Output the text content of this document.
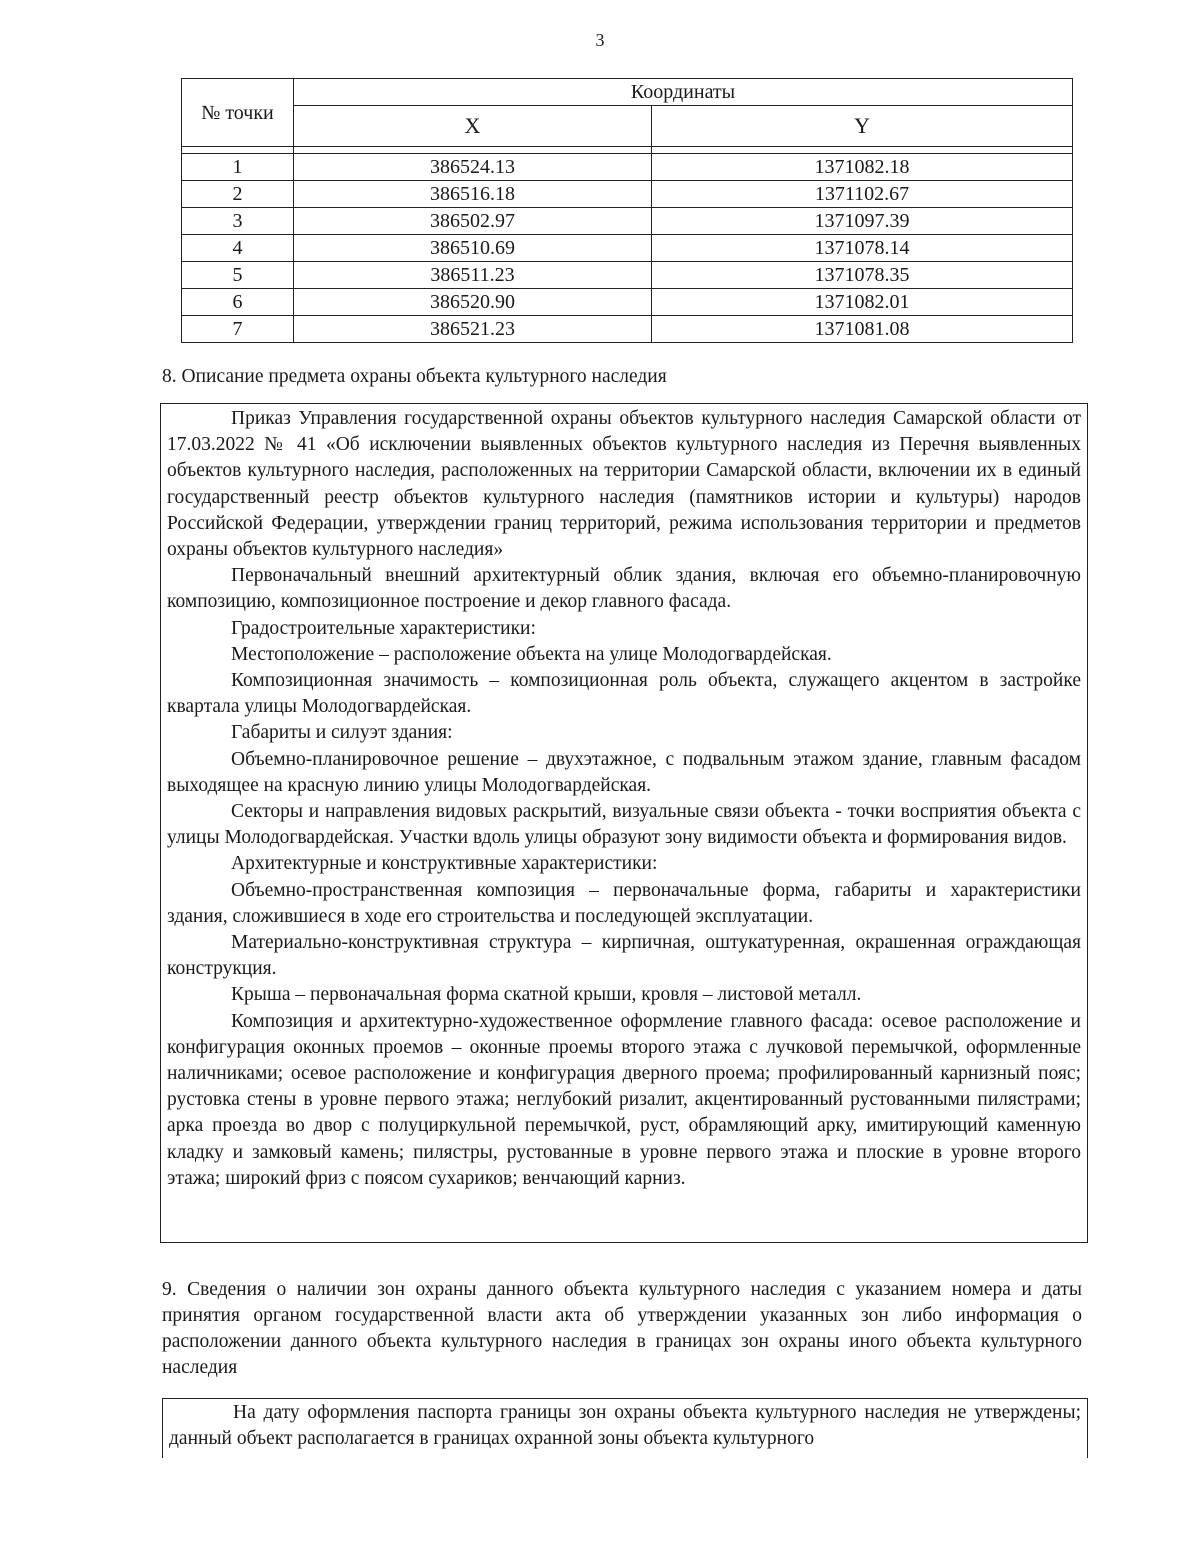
3
№ точки	Координаты	
	X	Y

1	386524.13	1371082.18
2	386516.18	1371102.67
3	386502.97	1371097.39
4	386510.69	1371078.14
5	386511.23	1371078.35
6	386520.90	1371082.01
7	386521.23	1371081.08

8. Описание предмета охраны объекта культурного наследия

Приказ Управления государственной охраны объектов культурного наследия Самарской области от 17.03.2022 № 41 «Об исключении выявленных объектов культурного наследия из Перечня выявленных объектов культурного наследия, расположенных на территории Самарской области, включении их в единый государственный реестр объектов культурного наследия (памятников истории и культуры) народов Российской Федерации, утверждении границ территорий, режима использования территории и предметов охраны объектов культурного наследия»

Первоначальный внешний архитектурный облик здания, включая его объемно-планировочную композицию, композиционное построение и декор главного фасада.

Градостроительные характеристики:

Местоположение – расположение объекта на улице Молодогвардейская.

Композиционная значимость – композиционная роль объекта, служащего акцентом в застройке квартала улицы Молодогвардейская.

Габариты и силуэт здания:

Объемно-планировочное решение – двухэтажное, с подвальным этажом здание, главным фасадом выходящее на красную линию улицы Молодогвардейская.

Секторы и направления видовых раскрытий, визуальные связи объекта - точки восприятия объекта с улицы Молодогвардейская. Участки вдоль улицы образуют зону видимости объекта и формирования видов.

Архитектурные и конструктивные характеристики:

Объемно-пространственная композиция – первоначальные форма, габариты и характеристики здания, сложившиеся в ходе его строительства и последующей эксплуатации.

Материально-конструктивная структура – кирпичная, оштукатуренная, окрашенная ограждающая конструкция.

Крыша – первоначальная форма скатной крыши, кровля – листовой металл.

Композиция и архитектурно-художественное оформление главного фасада: осевое расположение и конфигурация оконных проемов – оконные проемы второго этажа с лучковой перемычкой, оформленные наличниками; осевое расположение и конфигурация дверного проема; профилированный карнизный пояс; рустовка стены в уровне первого этажа; неглубокий ризалит, акцентированный рустованными пилястрами; арка проезда во двор с полуциркульной перемычкой, руст, обрамляющий арку, имитирующий каменную кладку и замковый камень; пилястры, рустованные в уровне первого этажа и плоские в уровне второго этажа; широкий фриз с поясом сухариков; венчающий карниз.

9. Сведения о наличии зон охраны данного объекта культурного наследия с указанием номера и даты принятия органом государственной власти акта об утверждении указанных зон либо информация о расположении данного объекта культурного наследия в границах зон охраны иного объекта культурного наследия

На дату оформления паспорта границы зон охраны объекта культурного наследия не утверждены; данный объект располагается в границах охранной зоны объекта культурного
